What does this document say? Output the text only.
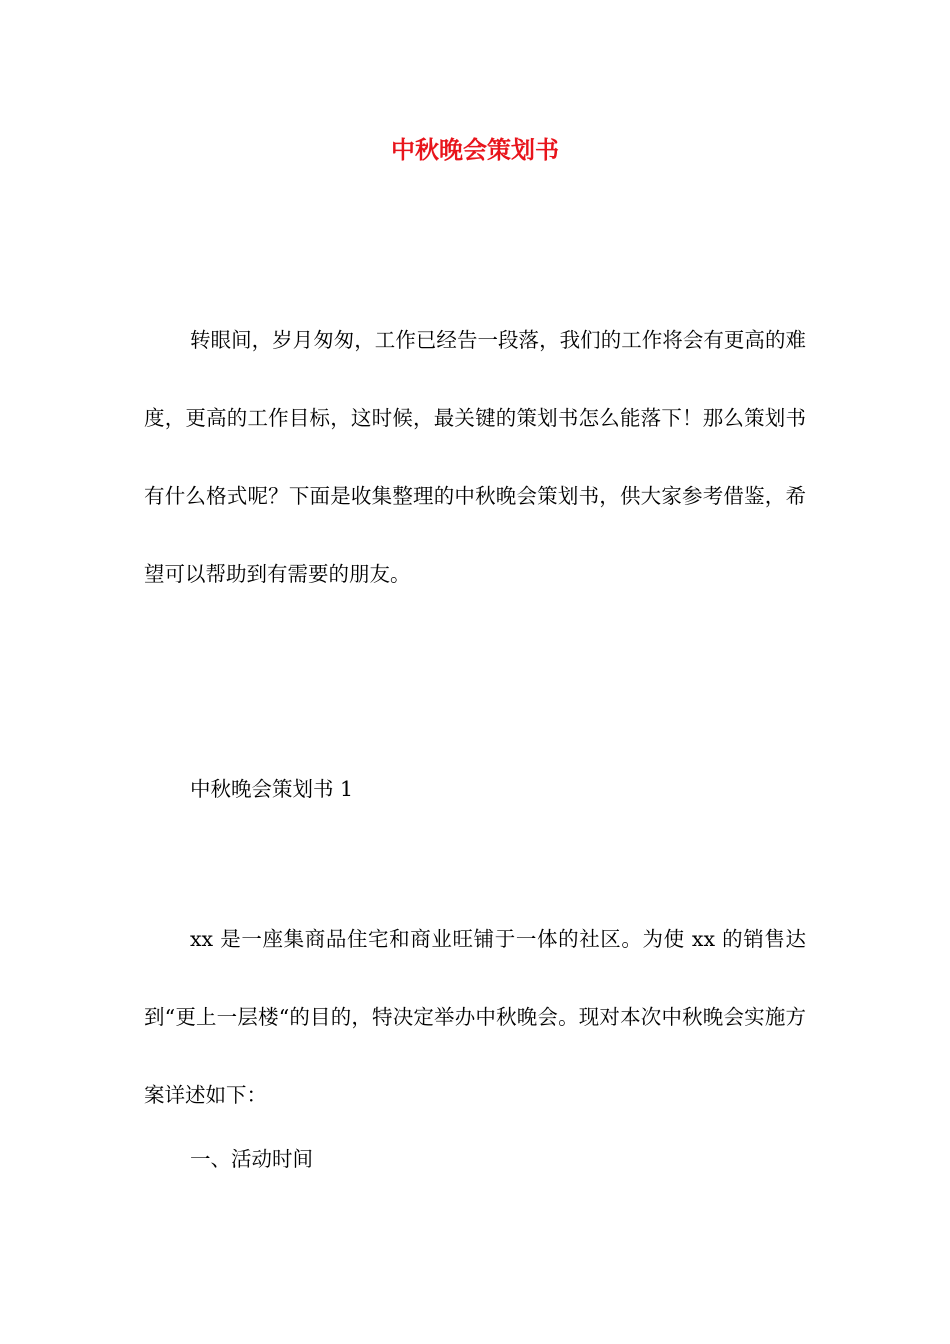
中秋晚会策划书

转眼间，岁月匆匆，工作已经告一段落，我们的工作将会有更高的难度，更高的工作目标，这时候，最关键的策划书怎么能落下！那么策划书有什么格式呢？下面是收集整理的中秋晚会策划书，供大家参考借鉴，希望可以帮助到有需要的朋友。

中秋晚会策划书 1

xx 是一座集商品住宅和商业旺铺于一体的社区。为使 xx 的销售达到“更上一层楼“的目的，特决定举办中秋晚会。现对本次中秋晚会实施方案详述如下：

一、活动时间
